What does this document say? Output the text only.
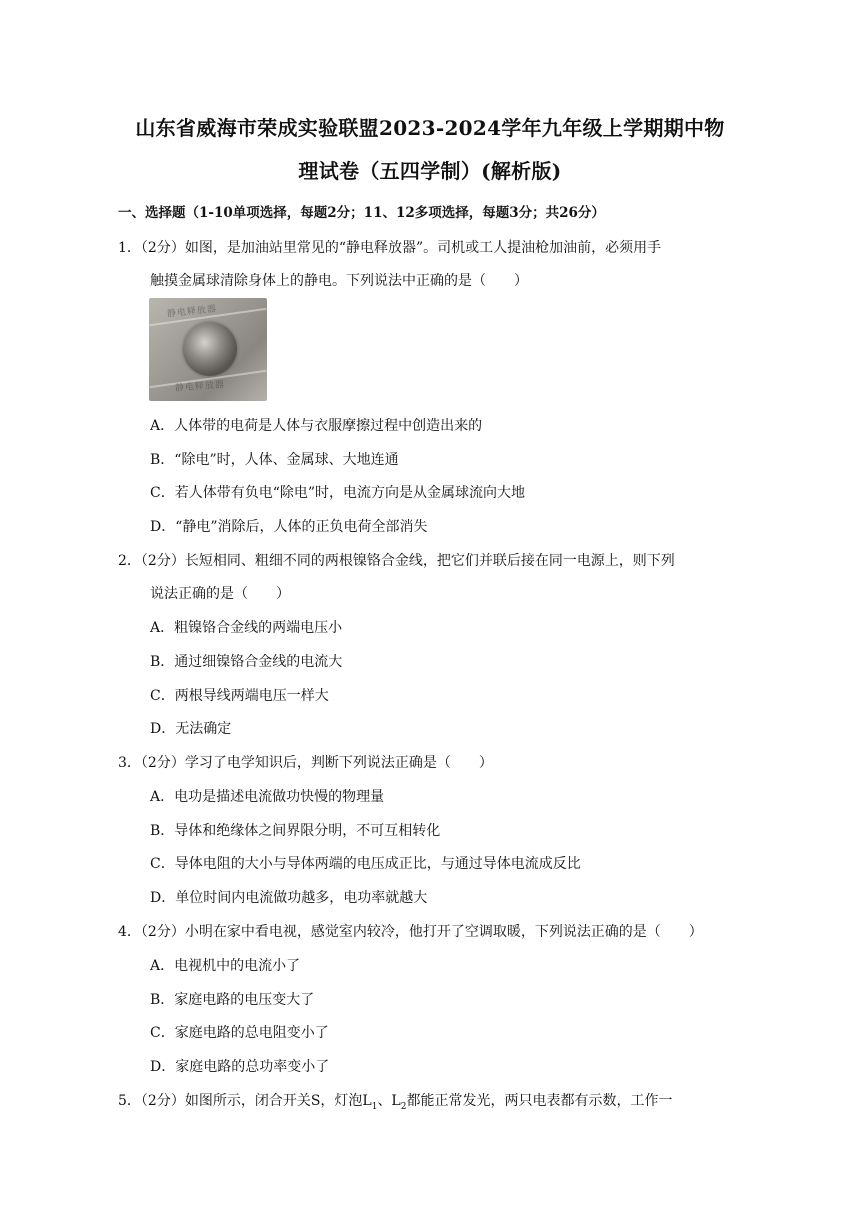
山东省威海市荣成实验联盟2023-2024学年九年级上学期期中物
理试卷（五四学制）(解析版)
一、选择题（1-10单项选择，每题2分；11、12多项选择，每题3分；共26分）
1．（2分）如图，是加油站里常见的“静电释放器”。司机或工人提油枪加油前，必须用手
触摸金属球清除身体上的静电。下列说法中正确的是（　　）
静电释放器
静电释放器
A．人体带的电荷是人体与衣服摩擦过程中创造出来的
B．“除电”时，人体、金属球、大地连通
C．若人体带有负电“除电”时，电流方向是从金属球流向大地
D．“静电”消除后，人体的正负电荷全部消失
2．（2分）长短相同、粗细不同的两根镍铬合金线，把它们并联后接在同一电源上，则下列
说法正确的是（　　）
A．粗镍铬合金线的两端电压小
B．通过细镍铬合金线的电流大
C．两根导线两端电压一样大
D．无法确定
3．（2分）学习了电学知识后，判断下列说法正确是（　　）
A．电功是描述电流做功快慢的物理量
B．导体和绝缘体之间界限分明，不可互相转化
C．导体电阻的大小与导体两端的电压成正比，与通过导体电流成反比
D．单位时间内电流做功越多，电功率就越大
4．（2分）小明在家中看电视，感觉室内较冷，他打开了空调取暖，下列说法正确的是（　　）
A．电视机中的电流小了
B．家庭电路的电压变大了
C．家庭电路的总电阻变小了
D．家庭电路的总功率变小了
5．（2分）如图所示，闭合开关S，灯泡$L_1$、$L_2$都能正常发光，两只电表都有示数，工作一
